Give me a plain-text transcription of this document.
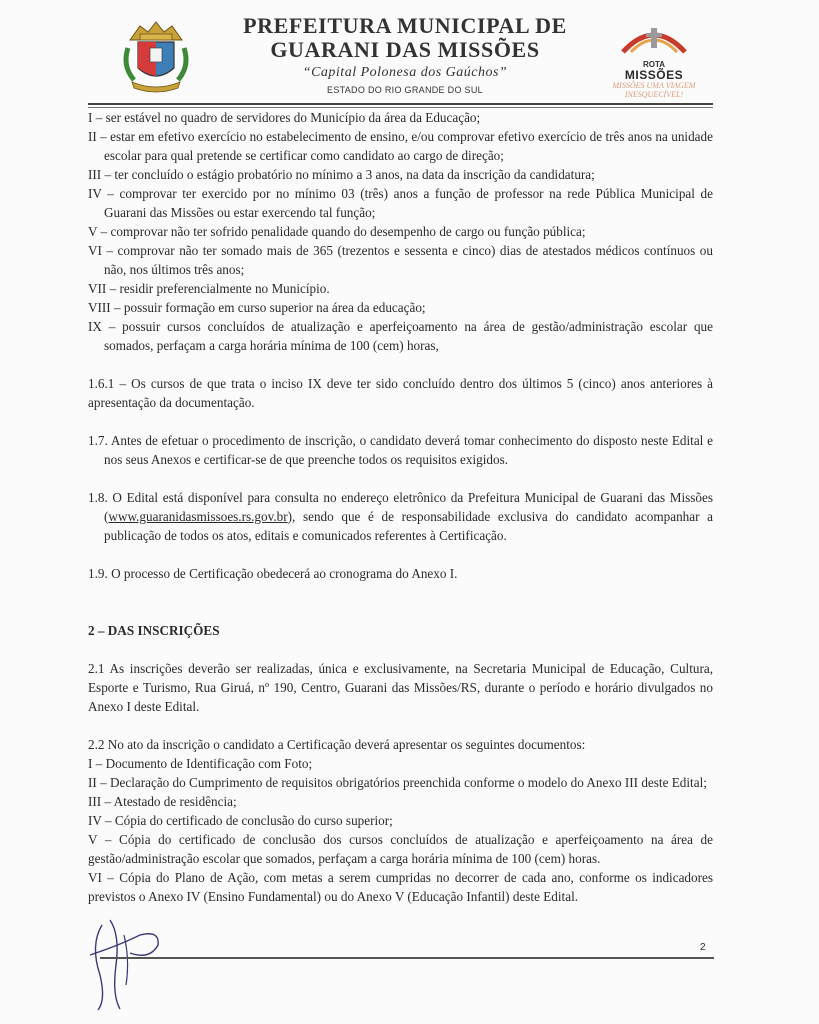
PREFEITURA MUNICIPAL DE
GUARANI DAS MISSÕES
“Capital Polonesa dos Gaúchos”
ESTADO DO RIO GRANDE DO SUL
ROTA
MISSÕES
MISSÕES UMA VIAGEM
INESQUECÍVEL!

I – ser estável no quadro de servidores do Município da área da Educação;

II – estar em efetivo exercício no estabelecimento de ensino, e/ou comprovar efetivo exercício de três anos na unidade escolar para qual pretende se certificar como candidato ao cargo de direção;

III – ter concluído o estágio probatório no mínimo a 3 anos, na data da inscrição da candidatura;

IV – comprovar ter exercido por no mínimo 03 (três) anos a função de professor na rede Pública Municipal de Guarani das Missões ou estar exercendo tal função;

V – comprovar não ter sofrido penalidade quando do desempenho de cargo ou função pública;

VI – comprovar não ter somado mais de 365 (trezentos e sessenta e cinco) dias de atestados médicos contínuos ou não, nos últimos três anos;

VII – residir preferencialmente no Município.

VIII – possuir formação em curso superior na área da educação;

IX – possuir cursos concluídos de atualização e aperfeiçoamento na área de gestão/administração escolar que somados, perfaçam a carga horária mínima de 100 (cem) horas,

1.6.1 – Os cursos de que trata o inciso IX deve ter sido concluído dentro dos últimos 5 (cinco) anos anteriores à apresentação da documentação.

1.7. Antes de efetuar o procedimento de inscrição, o candidato deverá tomar conhecimento do disposto neste Edital e nos seus Anexos e certificar-se de que preenche todos os requisitos exigidos.

1.8. O Edital está disponível para consulta no endereço eletrônico da Prefeitura Municipal de Guarani das Missões (www.guaranidasmissoes.rs.gov.br), sendo que é de responsabilidade exclusiva do candidato acompanhar a publicação de todos os atos, editais e comunicados referentes à Certificação.

1.9. O processo de Certificação obedecerá ao cronograma do Anexo I.

2 – DAS INSCRIÇÕES

2.1 As inscrições deverão ser realizadas, única e exclusivamente, na Secretaria Municipal de Educação, Cultura, Esporte e Turismo, Rua Giruá, nº 190, Centro, Guarani das Missões/RS, durante o período e horário divulgados no Anexo I deste Edital.

2.2 No ato da inscrição o candidato a Certificação deverá apresentar os seguintes documentos:

I – Documento de Identificação com Foto;

II – Declaração do Cumprimento de requisitos obrigatórios preenchida conforme o modelo do Anexo III deste Edital;

III – Atestado de residência;

IV – Cópia do certificado de conclusão do curso superior;

V – Cópia do certificado de conclusão dos cursos concluídos de atualização e aperfeiçoamento na área de gestão/administração escolar que somados, perfaçam a carga horária mínima de 100 (cem) horas.

VI – Cópia do Plano de Ação, com metas a serem cumpridas no decorrer de cada ano, conforme os indicadores previstos o Anexo IV (Ensino Fundamental) ou do Anexo V (Educação Infantil) deste Edital.

2
